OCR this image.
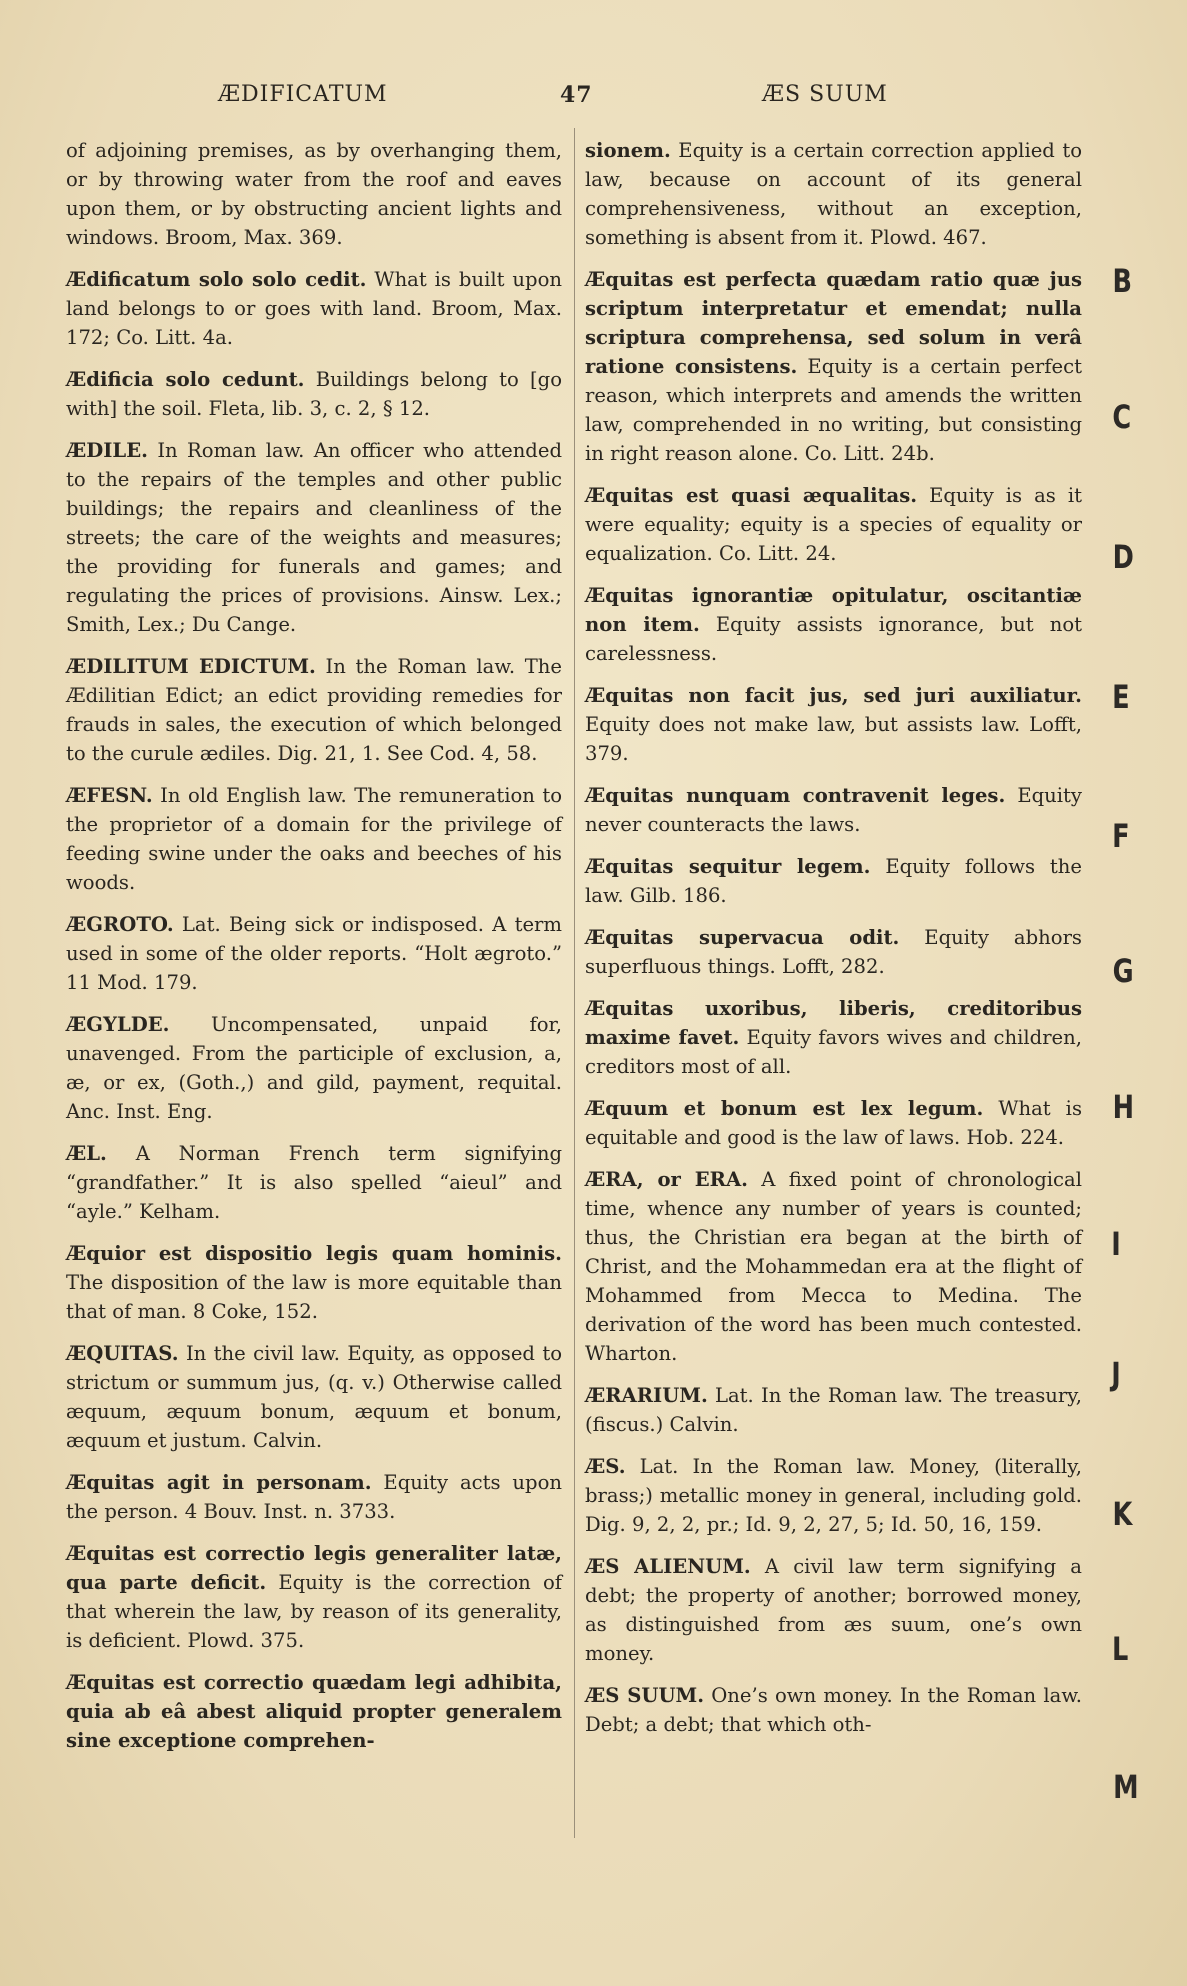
ÆDIFICATUM	47	ÆS SUUM

of adjoining premises, as by overhanging them, or by throwing water from the roof and eaves upon them, or by obstructing ancient lights and windows. Broom, Max. 369.

Ædificatum solo solo cedit. What is built upon land belongs to or goes with land. Broom, Max. 172; Co. Litt. 4a.

Ædificia solo cedunt. Buildings belong to [go with] the soil. Fleta, lib. 3, c. 2, § 12.

ÆDILE. In Roman law. An officer who attended to the repairs of the temples and other public buildings; the repairs and cleanliness of the streets; the care of the weights and measures; the providing for funerals and games; and regulating the prices of provisions. Ainsw. Lex.; Smith, Lex.; Du Cange.

ÆDILITUM EDICTUM. In the Roman law. The Ædilitian Edict; an edict providing remedies for frauds in sales, the execution of which belonged to the curule ædiles. Dig. 21, 1. See Cod. 4, 58.

ÆFESN. In old English law. The remuneration to the proprietor of a domain for the privilege of feeding swine under the oaks and beeches of his woods.

ÆGROTO. Lat. Being sick or indisposed. A term used in some of the older reports. “Holt ægroto.” 11 Mod. 179.

ÆGYLDE. Uncompensated, unpaid for, unavenged. From the participle of exclusion, a, æ, or ex, (Goth.,) and gild, payment, requital. Anc. Inst. Eng.

ÆL. A Norman French term signifying “grandfather.” It is also spelled “aieul” and “ayle.” Kelham.

Æquior est dispositio legis quam hominis. The disposition of the law is more equitable than that of man. 8 Coke, 152.

ÆQUITAS. In the civil law. Equity, as opposed to strictum or summum jus, (q. v.) Otherwise called æquum, æquum bonum, æquum et bonum, æquum et justum. Calvin.

Æquitas agit in personam. Equity acts upon the person. 4 Bouv. Inst. n. 3733.

Æquitas est correctio legis generaliter latæ, qua parte deficit. Equity is the correction of that wherein the law, by reason of its generality, is deficient. Plowd. 375.

Æquitas est correctio quædam legi adhibita, quia ab eâ abest aliquid propter generalem sine exceptione comprehen-

sionem. Equity is a certain correction applied to law, because on account of its general comprehensiveness, without an exception, something is absent from it. Plowd. 467.

Æquitas est perfecta quædam ratio quæ jus scriptum interpretatur et emendat; nulla scriptura comprehensa, sed solum in verâ ratione consistens. Equity is a certain perfect reason, which interprets and amends the written law, comprehended in no writing, but consisting in right reason alone. Co. Litt. 24b.

Æquitas est quasi æqualitas. Equity is as it were equality; equity is a species of equality or equalization. Co. Litt. 24.

Æquitas ignorantiæ opitulatur, oscitantiæ non item. Equity assists ignorance, but not carelessness.

Æquitas non facit jus, sed juri auxiliatur. Equity does not make law, but assists law. Lofft, 379.

Æquitas nunquam contravenit leges. Equity never counteracts the laws.

Æquitas sequitur legem. Equity follows the law. Gilb. 186.

Æquitas supervacua odit. Equity abhors superfluous things. Lofft, 282.

Æquitas uxoribus, liberis, creditoribus maxime favet. Equity favors wives and children, creditors most of all.

Æquum et bonum est lex legum. What is equitable and good is the law of laws. Hob. 224.

ÆRA, or ERA. A fixed point of chronological time, whence any number of years is counted; thus, the Christian era began at the birth of Christ, and the Mohammedan era at the flight of Mohammed from Mecca to Medina. The derivation of the word has been much contested. Wharton.

ÆRARIUM. Lat. In the Roman law. The treasury, (fiscus.) Calvin.

ÆS. Lat. In the Roman law. Money, (literally, brass;) metallic money in general, including gold. Dig. 9, 2, 2, pr.; Id. 9, 2, 27, 5; Id. 50, 16, 159.

ÆS ALIENUM. A civil law term signifying a debt; the property of another; borrowed money, as distinguished from æs suum, one’s own money.

ÆS SUUM. One’s own money. In the Roman law. Debt; a debt; that which oth-

B
C
D
E
F
G
H
I
J
K
L
M
